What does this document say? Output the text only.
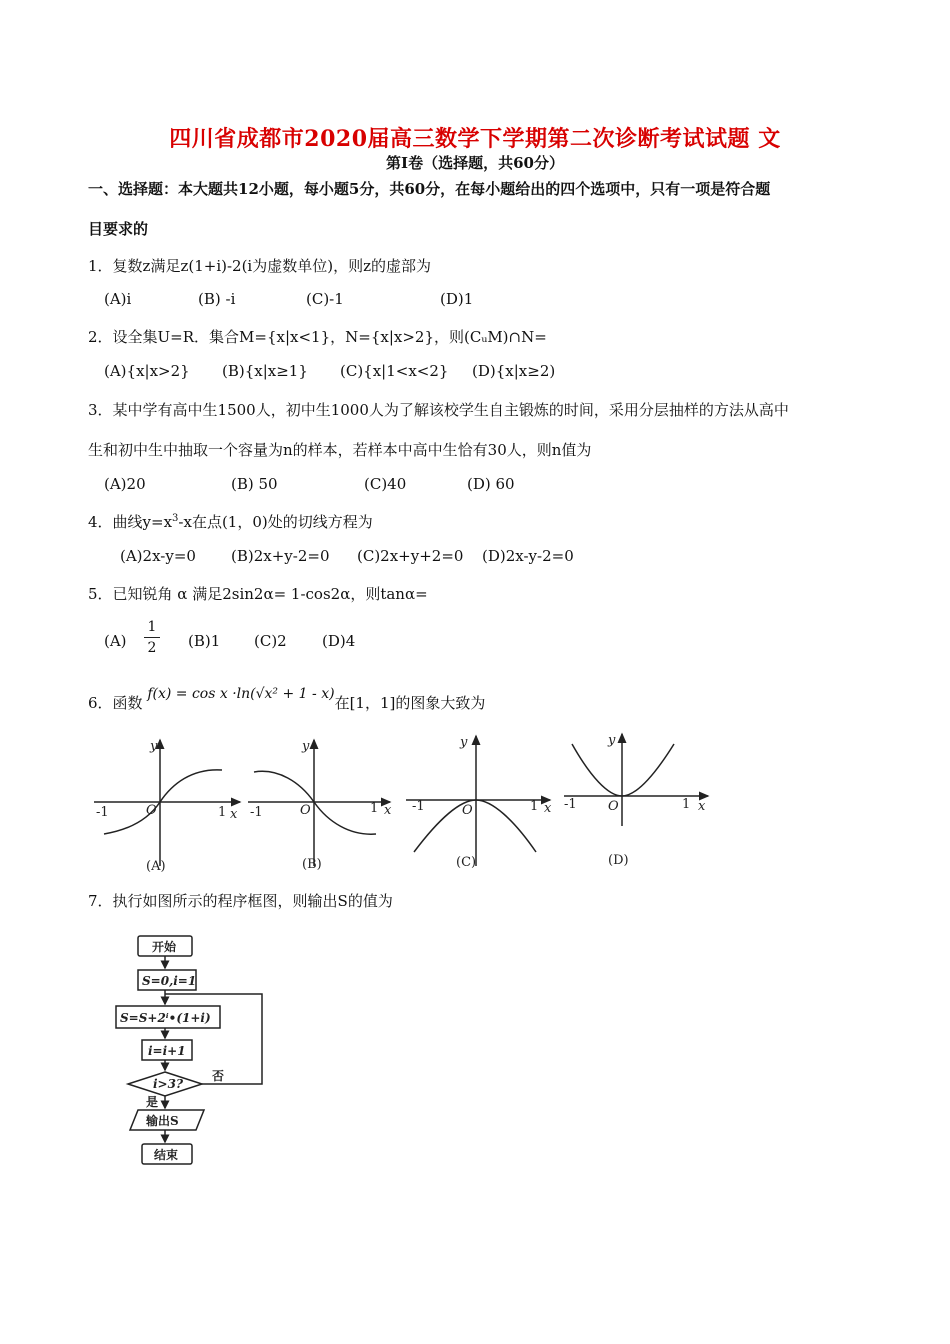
四川省成都市2020届高三数学下学期第二次诊断考试试题 文
第Ⅰ卷（选择题，共60分）
一、选择题：本大题共12小题，每小题5分，共60分，在每小题给出的四个选项中，只有一项是符合题
目要求的
1．复数z满足z(1+i)-2(i为虚数单位)，则z的虚部为
(A)i	(B) -i	(C)-1	(D)1
2．设全集U=R．集合M={x|x<1}，N={x|x>2}，则(CᵤM)∩N=
(A){x|x>2} (B){x|x≥1} (C){x|1<x<2} (D){x|x≥2)
3．某中学有高中生1500人，初中生1000人为了解该校学生自主锻炼的时间，采用分层抽样的方法从高中
生和初中生中抽取一个容量为n的样本，若样本中高中生恰有30人，则n值为
(A)20	(B) 50	(C)40	(D) 60
4．曲线$y=x^3-x$在点(1，0)处的切线方程为
(A)2x-y=0 (B)2x+y-2=0 (C)2x+y+2=0 (D)2x-y-2=0
5．已知锐角 α 满足2sin2α= 1-cos2α，则tanα=
(A)
1
2 (B)1 (C)2 (D)4
6．函数 f(x) = cos x ·ln(√x² + 1 - x)在[1，1]的图象大致为
y
O
-1	1 x
(A)
y
O
-1	1 x
(B)
y
O
-1	1 x
(C)
y
O
-1	1 x
(D)
7．执行如图所示的程序框图，则输出S的值为
开始
S=0,i=1
S=S+2ⁱ•(1+i)
i=i+1
i>3?
否
是
输出S
结束
